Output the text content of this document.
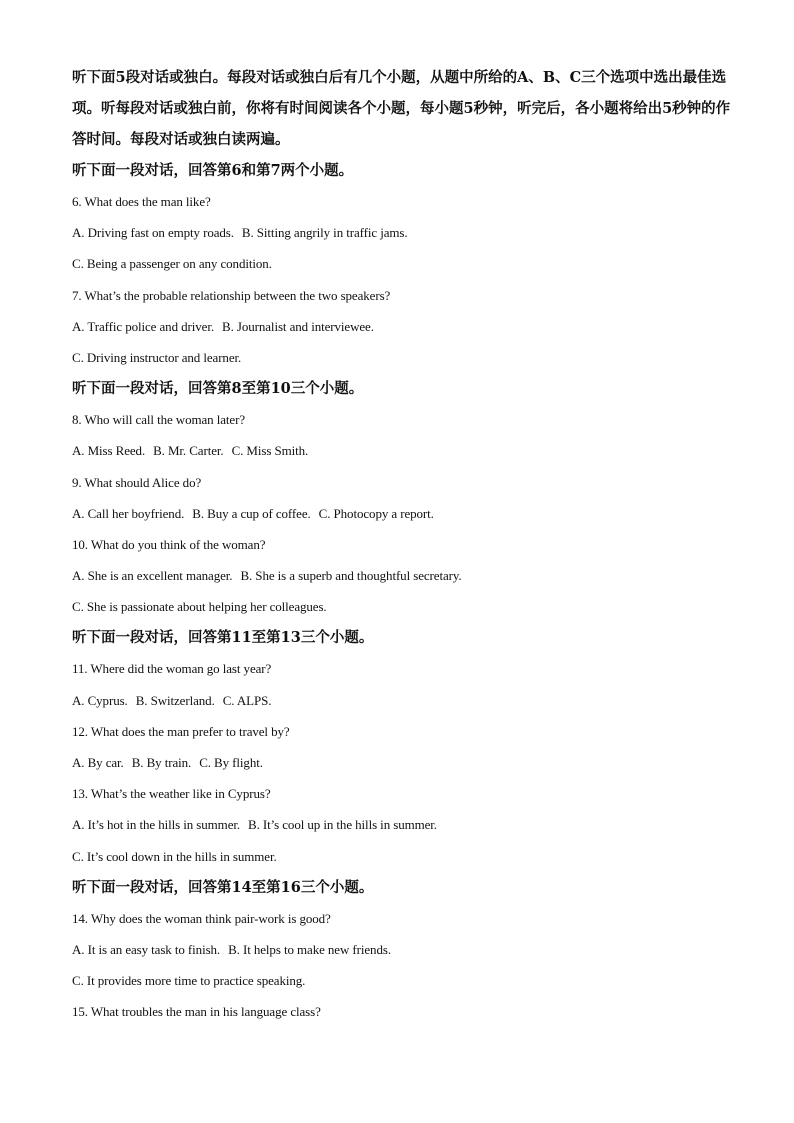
听下面5段对话或独白。每段对话或独白后有几个小题，从题中所给的A、B、C三个选项中选出最佳选项。听每段对话或独白前，你将有时间阅读各个小题，每小题5秒钟，听完后，各小题将给出5秒钟的作答时间。每段对话或独白读两遍。

听下面一段对话，回答第6和第7两个小题。

6. What does the man like?

A. Driving fast on empty roads. B. Sitting angrily in traffic jams.

C. Being a passenger on any condition.

7. What’s the probable relationship between the two speakers?

A. Traffic police and driver. B. Journalist and interviewee.

C. Driving instructor and learner.

听下面一段对话，回答第8至第10三个小题。

8. Who will call the woman later?

A. Miss Reed. B. Mr. Carter. C. Miss Smith.

9. What should Alice do?

A. Call her boyfriend. B. Buy a cup of coffee. C. Photocopy a report.

10. What do you think of the woman?

A. She is an excellent manager. B. She is a superb and thoughtful secretary.

C. She is passionate about helping her colleagues.

听下面一段对话，回答第11至第13三个小题。

11. Where did the woman go last year?

A. Cyprus. B. Switzerland. C. ALPS.

12. What does the man prefer to travel by?

A. By car. B. By train. C. By flight.

13. What’s the weather like in Cyprus?

A. It’s hot in the hills in summer. B. It’s cool up in the hills in summer.

C. It’s cool down in the hills in summer.

听下面一段对话，回答第14至第16三个小题。

14. Why does the woman think pair-work is good?

A. It is an easy task to finish. B. It helps to make new friends.

C. It provides more time to practice speaking.

15. What troubles the man in his language class?
